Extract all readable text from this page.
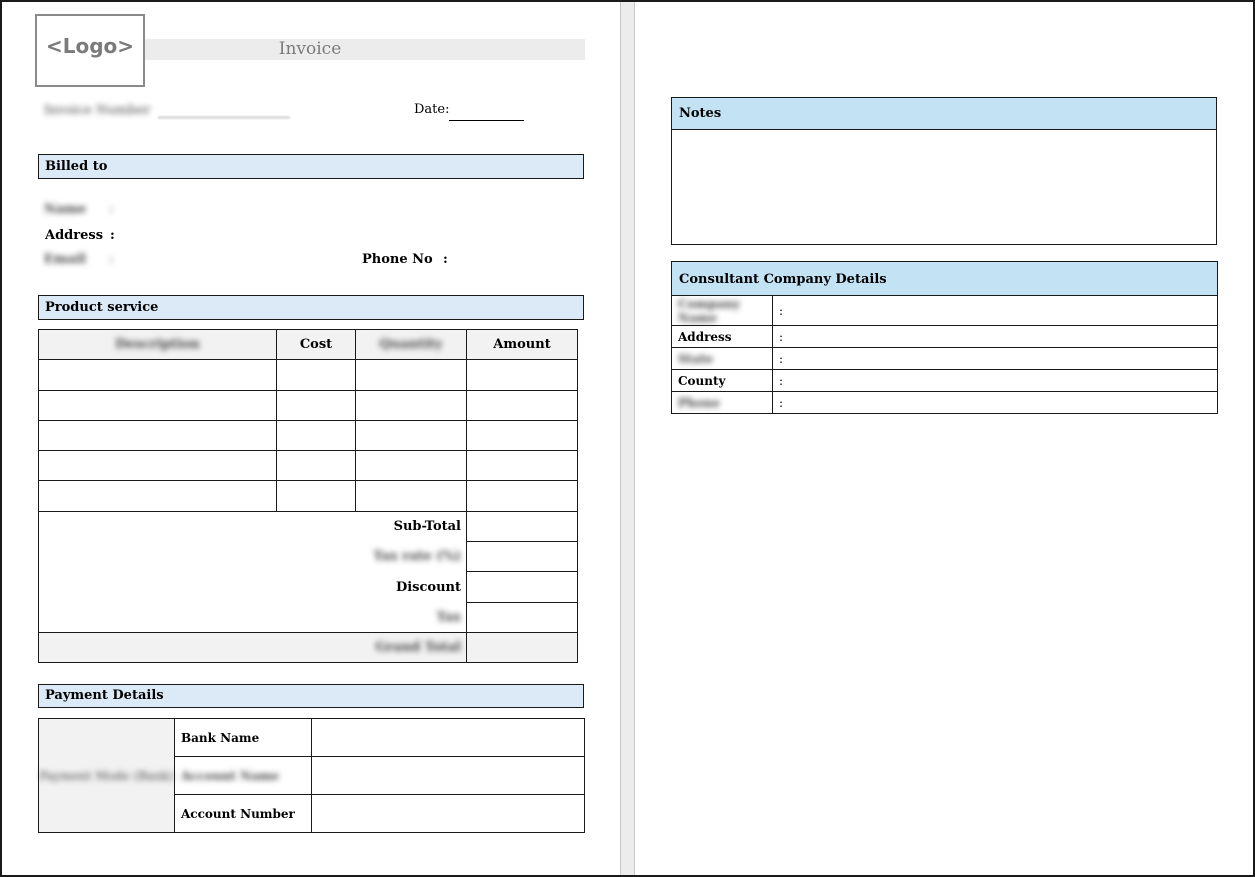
<Logo>	Invoice
Invoice Number	Date:
Billed to
Name :
Address :
Email :	Phone No :
Product service
Description	Cost	Quantity	Amount

Sub-Total			
Tax rate (%)			
Discount			
Tax			
Grand Total			
Payment Details
Payment Mode (Bank)	Bank Name	
	Account Name	
	Account Number	
Notes
Consultant Company Details
Company Name	:
Address	:
State	:
County	:
Phone	:
